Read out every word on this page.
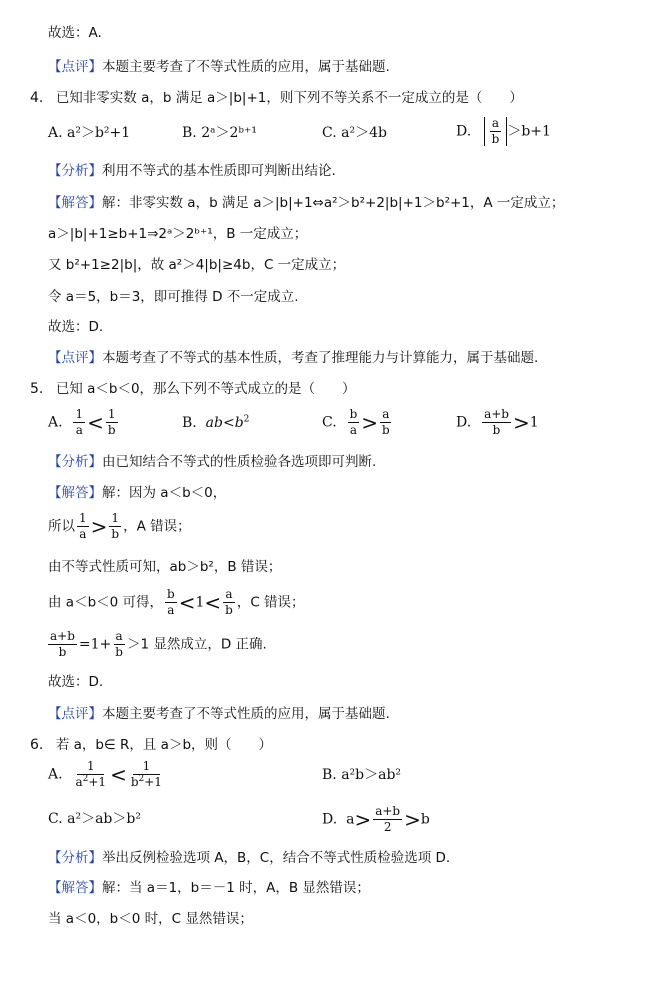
故选：A.
【点评】本题主要考查了不等式性质的应用，属于基础题.
4. 已知非零实数 a，b 满足 a＞|b|+1，则下列不等关系不一定成立的是（　　）
A. a²＞b²+1	B. 2ᵃ＞2ᵇ⁺¹	C. a²＞4b	D. $\frac{a}{b} >b+1$
【分析】利用不等式的基本性质即可判断出结论.
【解答】解：非零实数 a，b 满足 a＞|b|+1⇔a²＞b²+2|b|+1＞b²+1，A 一定成立；
a＞|b|+1≥b+1⇒2ᵃ＞2ᵇ⁺¹，B 一定成立；
又 b²+1≥2|b|，故 a²＞4|b|≥4b，C 一定成立；
令 a＝5，b＝3，即可推得 D 不一定成立.
故选：D.
【点评】本题考查了不等式的基本性质，考查了推理能力与计算能力，属于基础题.
5. 已知 a＜b＜0，那么下列不等式成立的是（　　）
A. $\frac{1}{a} < \frac{1}{b}$	B.  $ab<b^2$	C. $\frac{b}{a} > \frac{a}{b}$	D. $\frac{a+b}{b} >1$
【分析】由已知结合不等式的性质检验各选项即可判断.
【解答】解：因为 a＜b＜0，
所以 $\frac{1}{a} > \frac{1}{b}$ ，A 错误；
由不等式性质可知，ab＞b²，B 错误；
由 a＜b＜0 可得， $\frac{b}{a} <1< \frac{a}{b}$ ，C 错误；
$\frac{a+b}{b} =1+ \frac{a}{b} >1$ 显然成立，D 正确.
故选：D.
【点评】本题主要考查了不等式性质的应用，属于基础题.
6. 若 a，b∈ R，且 a＞b，则（　　）
A. $\frac{1}{a^2+1} < \frac{1}{b^2+1}$	B. a²b＞ab²
C. a²＞ab＞b²	D.  $a> \frac{a+b}{2} >b$
【分析】举出反例检验选项 A，B，C，结合不等式性质检验选项 D.
【解答】解：当 a＝1，b＝－1 时，A，B 显然错误；
当 a＜0，b＜0 时，C 显然错误；
